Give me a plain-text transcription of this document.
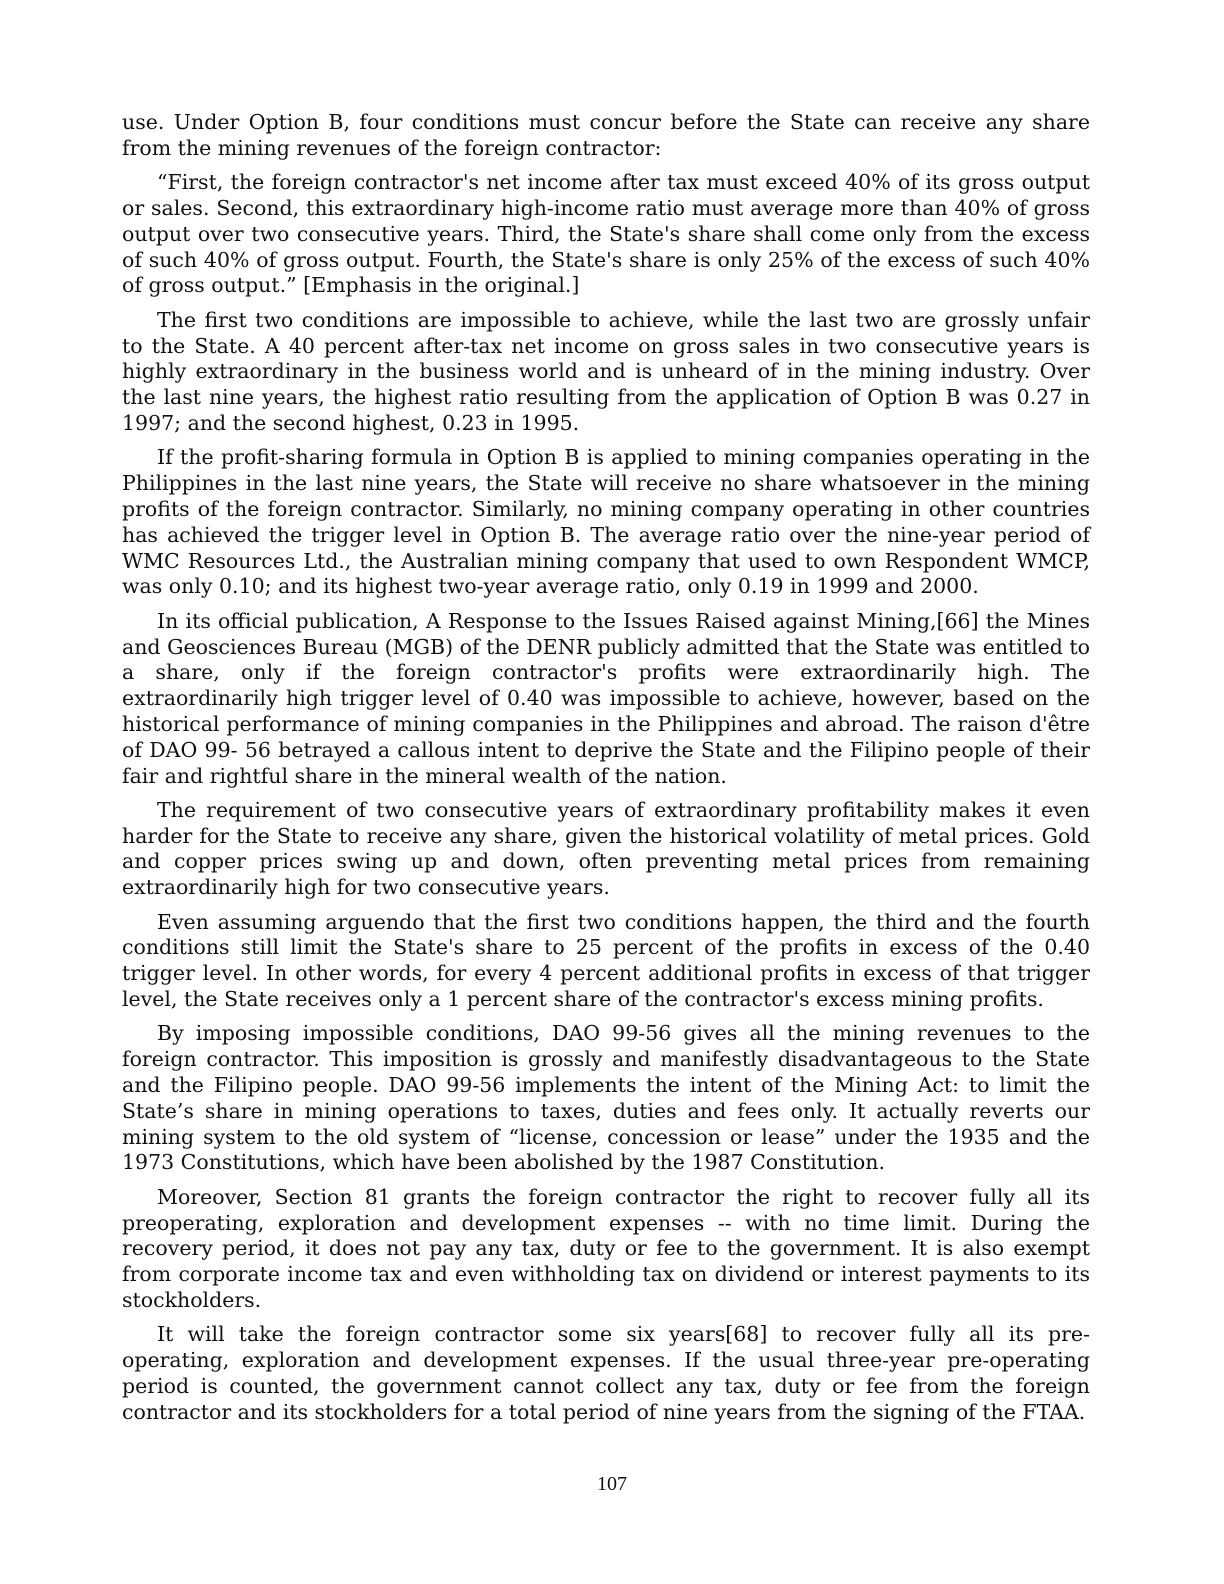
use. Under Option B, four conditions must concur before the State can receive any share from the mining revenues of the foreign contractor:

“First, the foreign contractor's net income after tax must exceed 40% of its gross output or sales. Second, this extraordinary high-income ratio must average more than 40% of gross output over two consecutive years. Third, the State's share shall come only from the excess of such 40% of gross output. Fourth, the State's share is only 25% of the excess of such 40% of gross output.” [Emphasis in the original.]

The first two conditions are impossible to achieve, while the last two are grossly unfair to the State. A 40 percent after-tax net income on gross sales in two consecutive years is highly extraordinary in the business world and is unheard of in the mining industry. Over the last nine years, the highest ratio resulting from the application of Option B was 0.27 in 1997; and the second highest, 0.23 in 1995.

If the profit-sharing formula in Option B is applied to mining companies operating in the Philippines in the last nine years, the State will receive no share whatsoever in the mining profits of the foreign contractor. Similarly, no mining company operating in other countries has achieved the trigger level in Option B. The average ratio over the nine-year period of WMC Resources Ltd., the Australian mining company that used to own Respondent WMCP, was only 0.10; and its highest two-year average ratio, only 0.19 in 1999 and 2000.

In its official publication, A Response to the Issues Raised against Mining,[66] the Mines and Geosciences Bureau (MGB) of the DENR publicly admitted that the State was entitled to a share, only if the foreign contractor's profits were extraordinarily high. The extraordinarily high trigger level of 0.40 was impossible to achieve, however, based on the historical performance of mining companies in the Philippines and abroad. The raison d'être of DAO 99- 56 betrayed a callous intent to deprive the State and the Filipino people of their fair and rightful share in the mineral wealth of the nation.

The requirement of two consecutive years of extraordinary profitability makes it even harder for the State to receive any share, given the historical volatility of metal prices. Gold and copper prices swing up and down, often preventing metal prices from remaining extraordinarily high for two consecutive years.

Even assuming arguendo that the first two conditions happen, the third and the fourth conditions still limit the State's share to 25 percent of the profits in excess of the 0.40 trigger level. In other words, for every 4 percent additional profits in excess of that trigger level, the State receives only a 1 percent share of the contractor's excess mining profits.

By imposing impossible conditions, DAO 99-56 gives all the mining revenues to the foreign contractor. This imposition is grossly and manifestly disadvantageous to the State and the Filipino people. DAO 99-56 implements the intent of the Mining Act: to limit the State’s share in mining operations to taxes, duties and fees only. It actually reverts our mining system to the old system of “license, concession or lease” under the 1935 and the 1973 Constitutions, which have been abolished by the 1987 Constitution.

Moreover, Section 81 grants the foreign contractor the right to recover fully all its preoperating, exploration and development expenses -- with no time limit. During the recovery period, it does not pay any tax, duty or fee to the government. It is also exempt from corporate income tax and even withholding tax on dividend or interest payments to its stockholders.

It will take the foreign contractor some six years[68] to recover fully all its pre-operating, exploration and development expenses. If the usual three-year pre-operating period is counted, the government cannot collect any tax, duty or fee from the foreign contractor and its stockholders for a total period of nine years from the signing of the FTAA.

107
